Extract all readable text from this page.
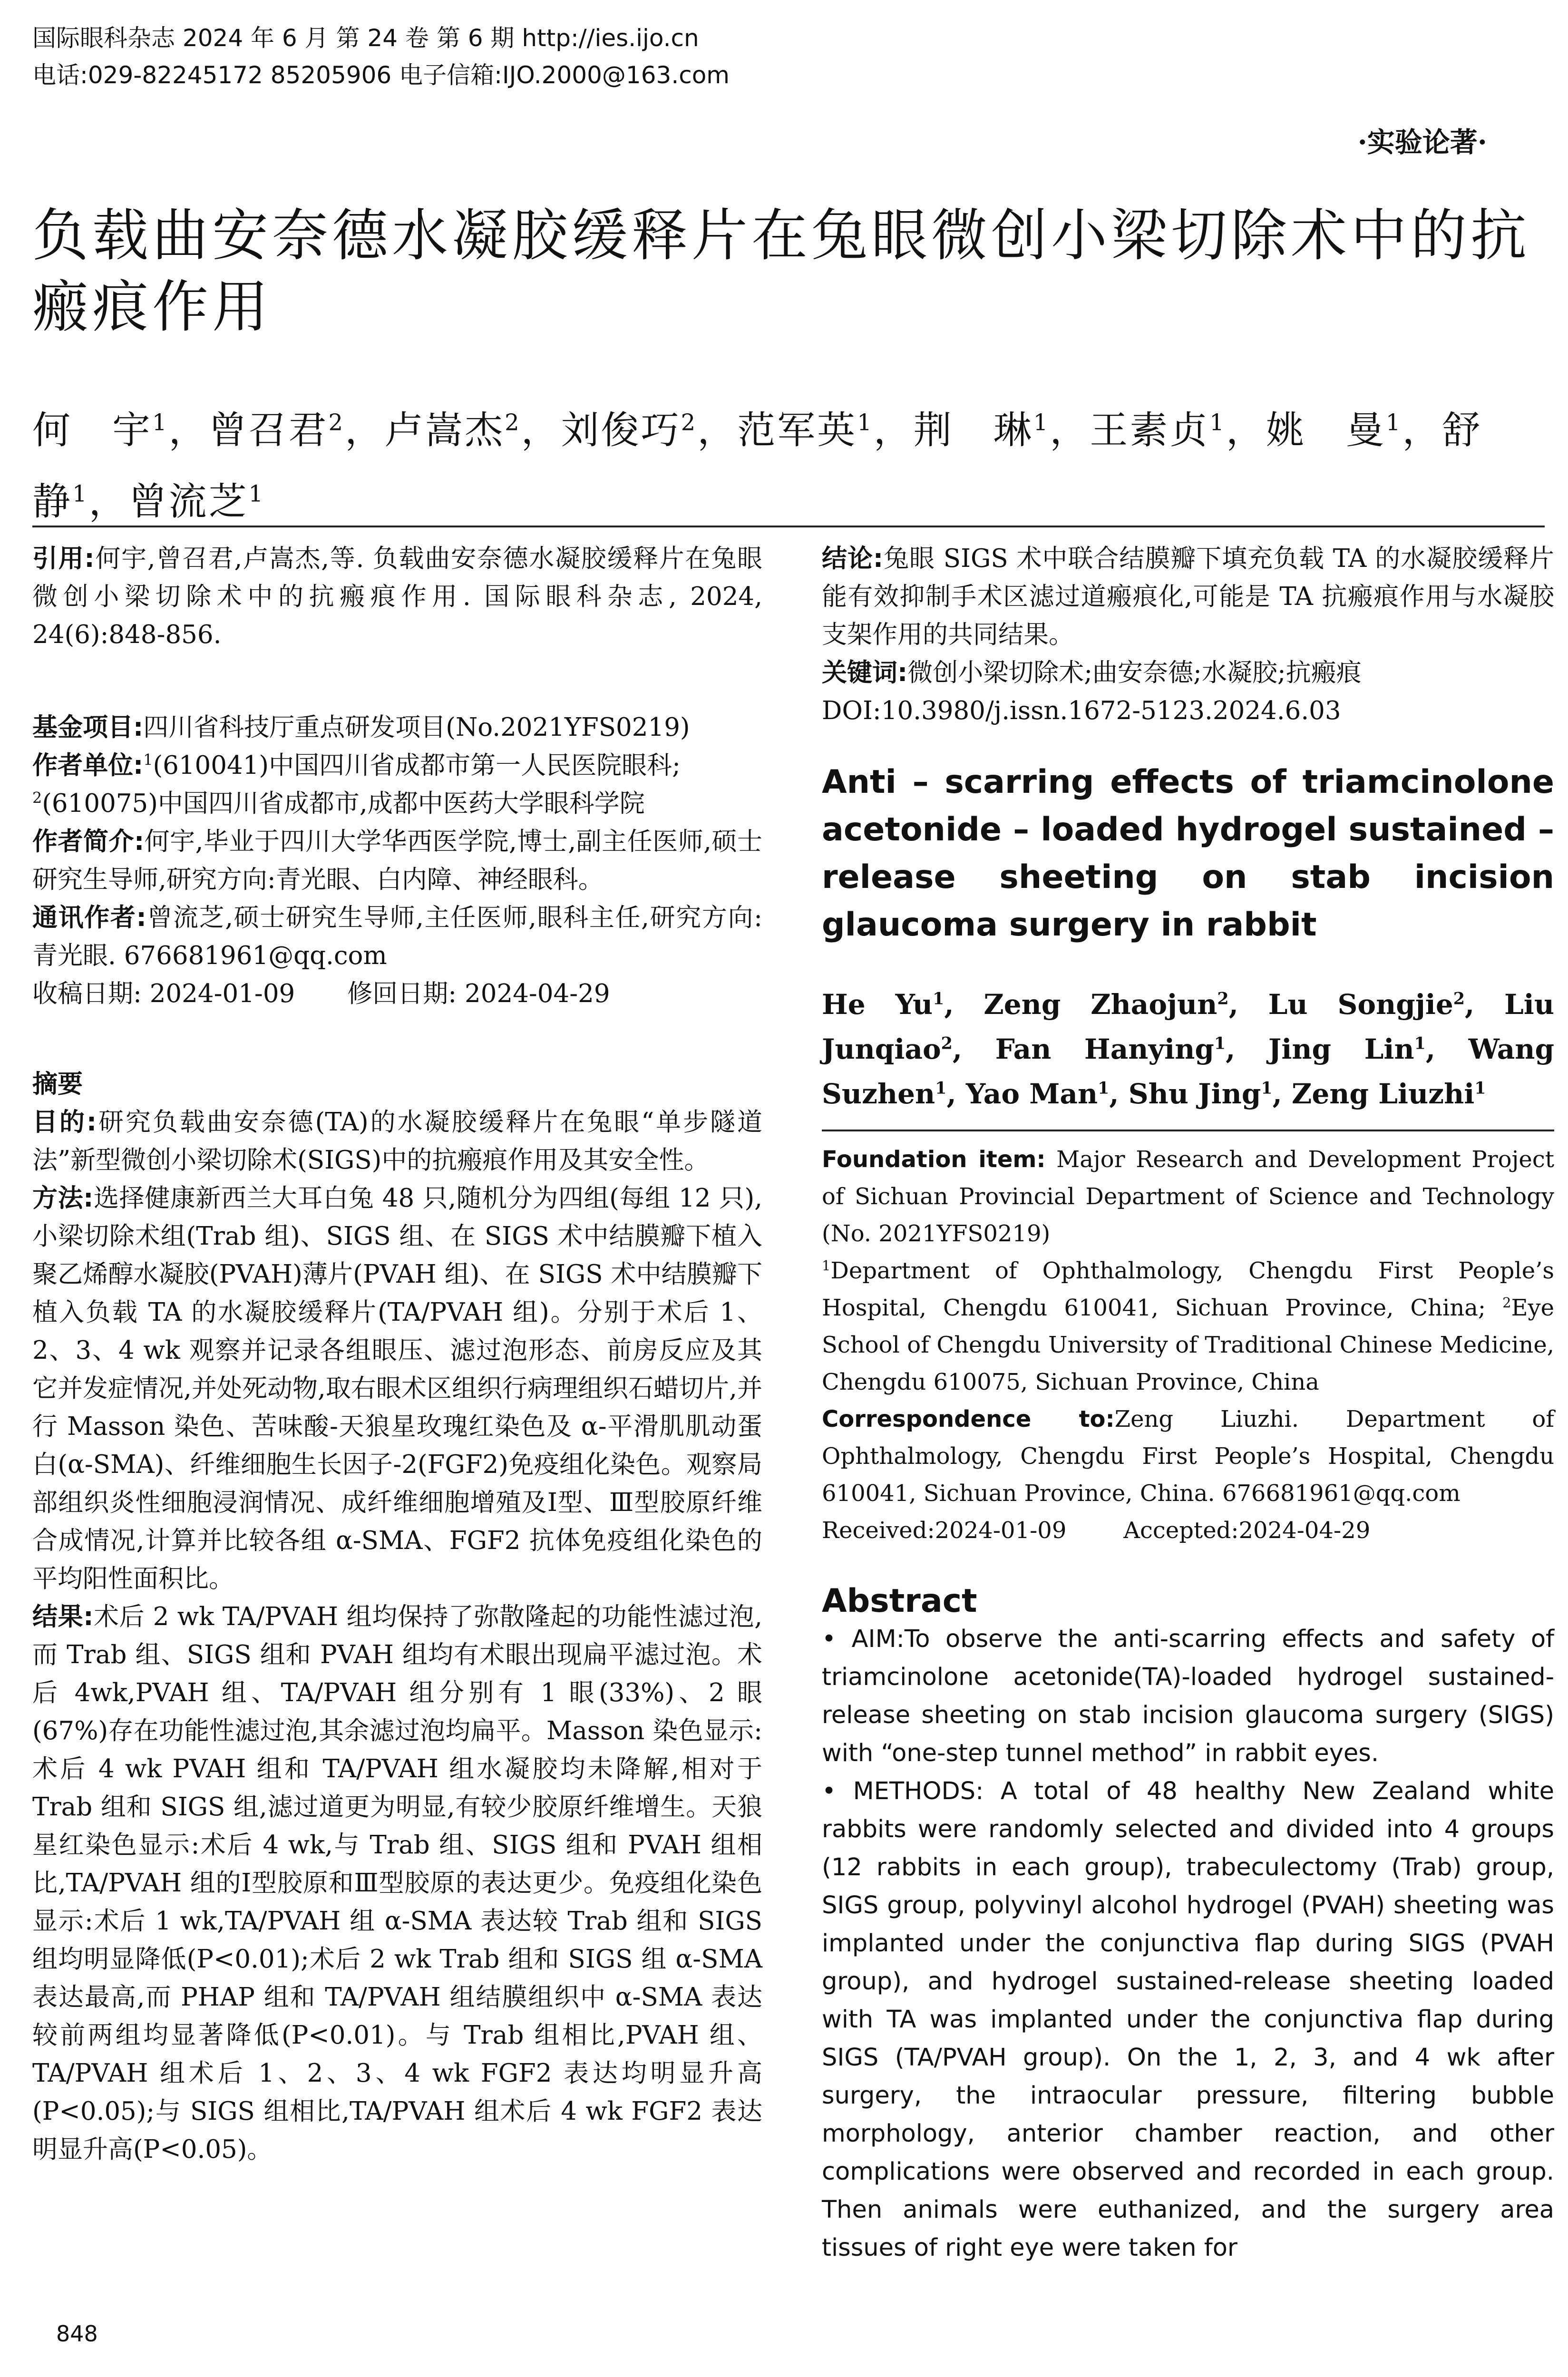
国际眼科杂志 2024 年 6 月 第 24 卷 第 6 期 http://ies.ijo.cn
电话:029-82245172 85205906 电子信箱:IJO.2000@163.com
·实验论著·
负载曲安奈德水凝胶缓释片在兔眼微创小梁切除术中的抗瘢痕作用
何　宇$^1$，曾召君$^2$，卢嵩杰$^2$，刘俊巧$^2$，范军英$^1$，荆　琳$^1$，王素贞$^1$，姚　曼$^1$，舒　静$^1$，曾流芝$^1$

引用:何宇,曾召君,卢嵩杰,等. 负载曲安奈德水凝胶缓释片在兔眼微创小梁切除术中的抗瘢痕作用. 国际眼科杂志, 2024, 24(6):848-856.

基金项目:四川省科技厅重点研发项目(No.2021YFS0219)

作者单位:$^1$(610041)中国四川省成都市第一人民医院眼科;
$^2$(610075)中国四川省成都市,成都中医药大学眼科学院

作者简介:何宇,毕业于四川大学华西医学院,博士,副主任医师,硕士研究生导师,研究方向:青光眼、白内障、神经眼科。

通讯作者:曾流芝,硕士研究生导师,主任医师,眼科主任,研究方向:青光眼. 676681961@qq.com

收稿日期: 2024-01-09 修回日期: 2024-04-29

摘要

目的:研究负载曲安奈德(TA)的水凝胶缓释片在兔眼“单步隧道法”新型微创小梁切除术(SIGS)中的抗瘢痕作用及其安全性。

方法:选择健康新西兰大耳白兔 48 只,随机分为四组(每组 12 只),小梁切除术组(Trab 组)、SIGS 组、在 SIGS 术中结膜瓣下植入聚乙烯醇水凝胶(PVAH)薄片(PVAH 组)、在 SIGS 术中结膜瓣下植入负载 TA 的水凝胶缓释片(TA/PVAH 组)。分别于术后 1、2、3、4 wk 观察并记录各组眼压、滤过泡形态、前房反应及其它并发症情况,并处死动物,取右眼术区组织行病理组织石蜡切片,并行 Masson 染色、苦味酸-天狼星玫瑰红染色及 α-平滑肌肌动蛋白(α-SMA)、纤维细胞生长因子-2(FGF2)免疫组化染色。观察局部组织炎性细胞浸润情况、成纤维细胞增殖及Ⅰ型、Ⅲ型胶原纤维合成情况,计算并比较各组 α-SMA、FGF2 抗体免疫组化染色的平均阳性面积比。

结果:术后 2 wk TA/PVAH 组均保持了弥散隆起的功能性滤过泡,而 Trab 组、SIGS 组和 PVAH 组均有术眼出现扁平滤过泡。术后 4wk,PVAH 组、TA/PVAH 组分别有 1 眼(33%)、2 眼(67%)存在功能性滤过泡,其余滤过泡均扁平。Masson 染色显示:术后 4 wk PVAH 组和 TA/PVAH 组水凝胶均未降解,相对于 Trab 组和 SIGS 组,滤过道更为明显,有较少胶原纤维增生。天狼星红染色显示:术后 4 wk,与 Trab 组、SIGS 组和 PVAH 组相比,TA/PVAH 组的Ⅰ型胶原和Ⅲ型胶原的表达更少。免疫组化染色显示:术后 1 wk,TA/PVAH 组 α-SMA 表达较 Trab 组和 SIGS 组均明显降低(P<0.01);术后 2 wk Trab 组和 SIGS 组 α-SMA 表达最高,而 PHAP 组和 TA/PVAH 组结膜组织中 α-SMA 表达较前两组均显著降低(P<0.01)。与 Trab 组相比,PVAH 组、TA/PVAH 组术后 1、2、3、4 wk FGF2 表达均明显升高(P<0.05);与 SIGS 组相比,TA/PVAH 组术后 4 wk FGF2 表达明显升高(P<0.05)。

结论:兔眼 SIGS 术中联合结膜瓣下填充负载 TA 的水凝胶缓释片能有效抑制手术区滤过道瘢痕化,可能是 TA 抗瘢痕作用与水凝胶支架作用的共同结果。

关键词:微创小梁切除术;曲安奈德;水凝胶;抗瘢痕

DOI:10.3980/j.issn.1672-5123.2024.6.03

Anti – scarring effects of triamcinolone acetonide – loaded hydrogel sustained – release sheeting on stab incision glaucoma surgery in rabbit

He Yu$^1$, Zeng Zhaojun$^2$, Lu Songjie$^2$, Liu Junqiao$^2$, Fan Hanying$^1$, Jing Lin$^1$, Wang Suzhen$^1$, Yao Man$^1$, Shu Jing$^1$, Zeng Liuzhi$^1$

Foundation item: Major Research and Development Project of Sichuan Provincial Department of Science and Technology (No. 2021YFS0219)

$^1$Department of Ophthalmology, Chengdu First People’s Hospital, Chengdu 610041, Sichuan Province, China; $^2$Eye School of Chengdu University of Traditional Chinese Medicine, Chengdu 610075, Sichuan Province, China

Correspondence to:Zeng Liuzhi. Department of Ophthalmology, Chengdu First People’s Hospital, Chengdu 610041, Sichuan Province, China. 676681961@qq.com

Received:2024-01-09	Accepted:2024-04-29

Abstract

• AIM:To observe the anti-scarring effects and safety of triamcinolone acetonide(TA)-loaded hydrogel sustained-release sheeting on stab incision glaucoma surgery (SIGS) with “one-step tunnel method” in rabbit eyes.

• METHODS: A total of 48 healthy New Zealand white rabbits were randomly selected and divided into 4 groups (12 rabbits in each group), trabeculectomy (Trab) group, SIGS group, polyvinyl alcohol hydrogel (PVAH) sheeting was implanted under the conjunctiva flap during SIGS (PVAH group), and hydrogel sustained-release sheeting loaded with TA was implanted under the conjunctiva flap during SIGS (TA/PVAH group). On the 1, 2, 3, and 4 wk after surgery, the intraocular pressure, filtering bubble morphology, anterior chamber reaction, and other complications were observed and recorded in each group. Then animals were euthanized, and the surgery area tissues of right eye were taken for

848
